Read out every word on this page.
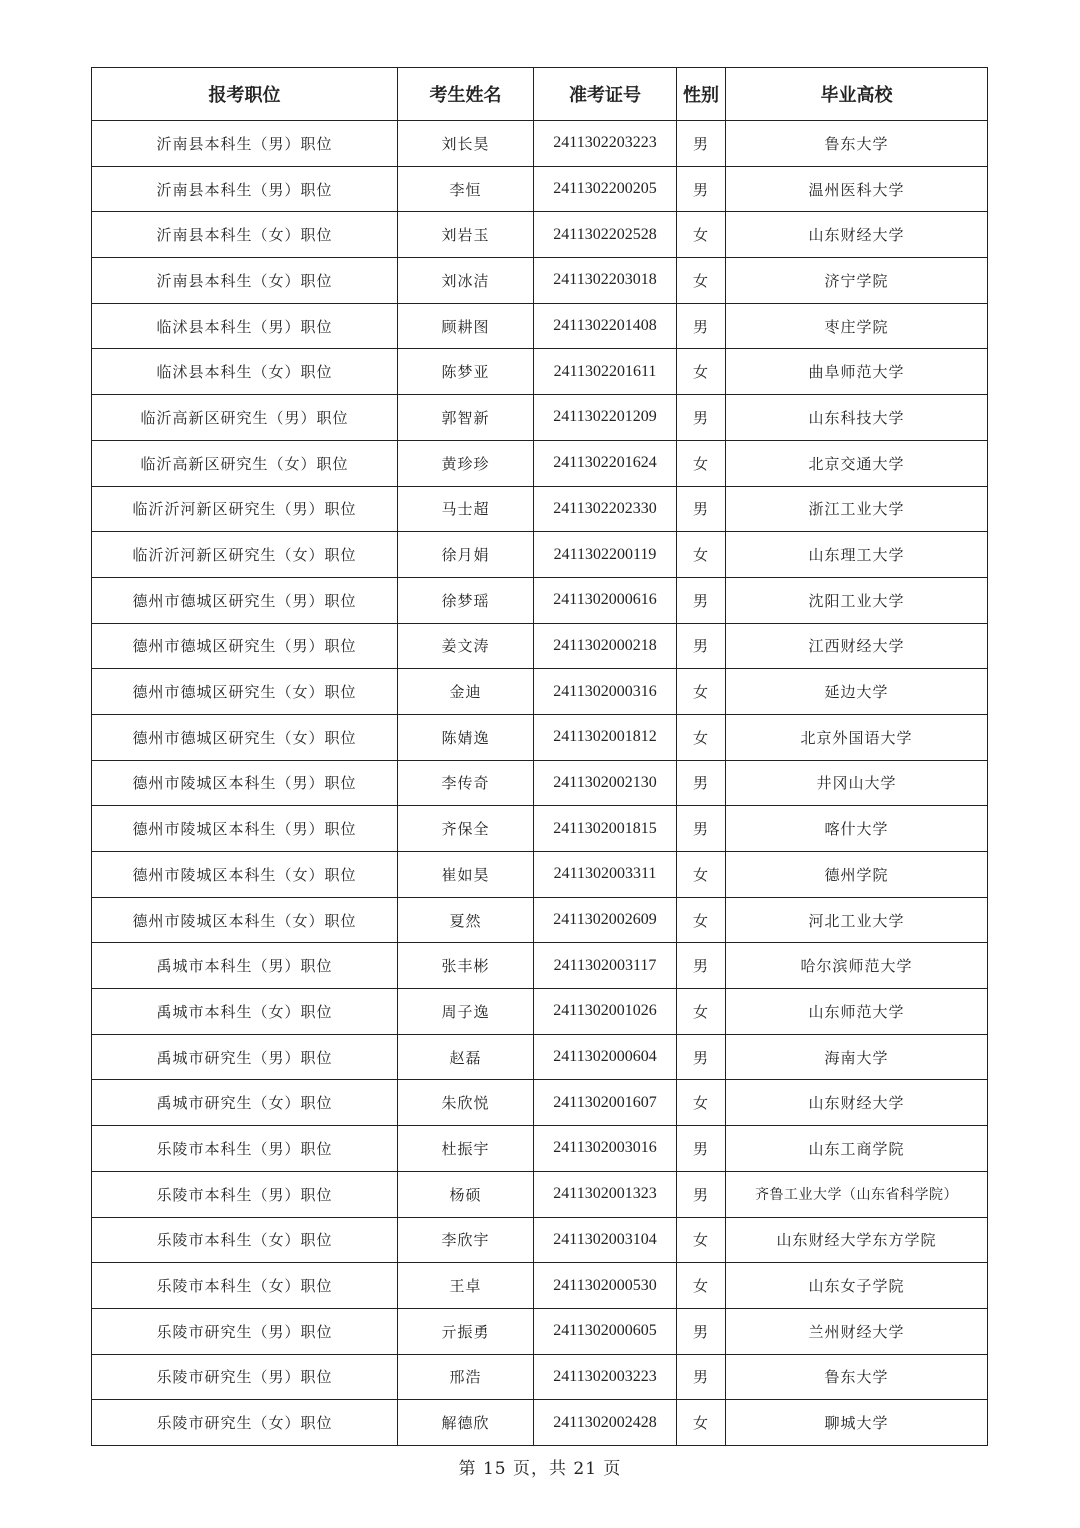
报考职位	考生姓名	准考证号	性别	毕业高校
沂南县本科生（男）职位	刘长昊	2411302203223	男	鲁东大学
沂南县本科生（男）职位	李恒	2411302200205	男	温州医科大学
沂南县本科生（女）职位	刘岩玉	2411302202528	女	山东财经大学
沂南县本科生（女）职位	刘冰洁	2411302203018	女	济宁学院
临沭县本科生（男）职位	顾耕图	2411302201408	男	枣庄学院
临沭县本科生（女）职位	陈梦亚	2411302201611	女	曲阜师范大学
临沂高新区研究生（男）职位	郭智新	2411302201209	男	山东科技大学
临沂高新区研究生（女）职位	黄珍珍	2411302201624	女	北京交通大学
临沂沂河新区研究生（男）职位	马士超	2411302202330	男	浙江工业大学
临沂沂河新区研究生（女）职位	徐月娟	2411302200119	女	山东理工大学
德州市德城区研究生（男）职位	徐梦瑶	2411302000616	男	沈阳工业大学
德州市德城区研究生（男）职位	姜文涛	2411302000218	男	江西财经大学
德州市德城区研究生（女）职位	金迪	2411302000316	女	延边大学
德州市德城区研究生（女）职位	陈婧逸	2411302001812	女	北京外国语大学
德州市陵城区本科生（男）职位	李传奇	2411302002130	男	井冈山大学
德州市陵城区本科生（男）职位	齐保全	2411302001815	男	喀什大学
德州市陵城区本科生（女）职位	崔如昊	2411302003311	女	德州学院
德州市陵城区本科生（女）职位	夏然	2411302002609	女	河北工业大学
禹城市本科生（男）职位	张丰彬	2411302003117	男	哈尔滨师范大学
禹城市本科生（女）职位	周子逸	2411302001026	女	山东师范大学
禹城市研究生（男）职位	赵磊	2411302000604	男	海南大学
禹城市研究生（女）职位	朱欣悦	2411302001607	女	山东财经大学
乐陵市本科生（男）职位	杜振宇	2411302003016	男	山东工商学院
乐陵市本科生（男）职位	杨硕	2411302001323	男	齐鲁工业大学（山东省科学院）
乐陵市本科生（女）职位	李欣宇	2411302003104	女	山东财经大学东方学院
乐陵市本科生（女）职位	王卓	2411302000530	女	山东女子学院
乐陵市研究生（男）职位	亓振勇	2411302000605	男	兰州财经大学
乐陵市研究生（男）职位	邢浩	2411302003223	男	鲁东大学
乐陵市研究生（女）职位	解德欣	2411302002428	女	聊城大学
第 15 页，共 21 页
